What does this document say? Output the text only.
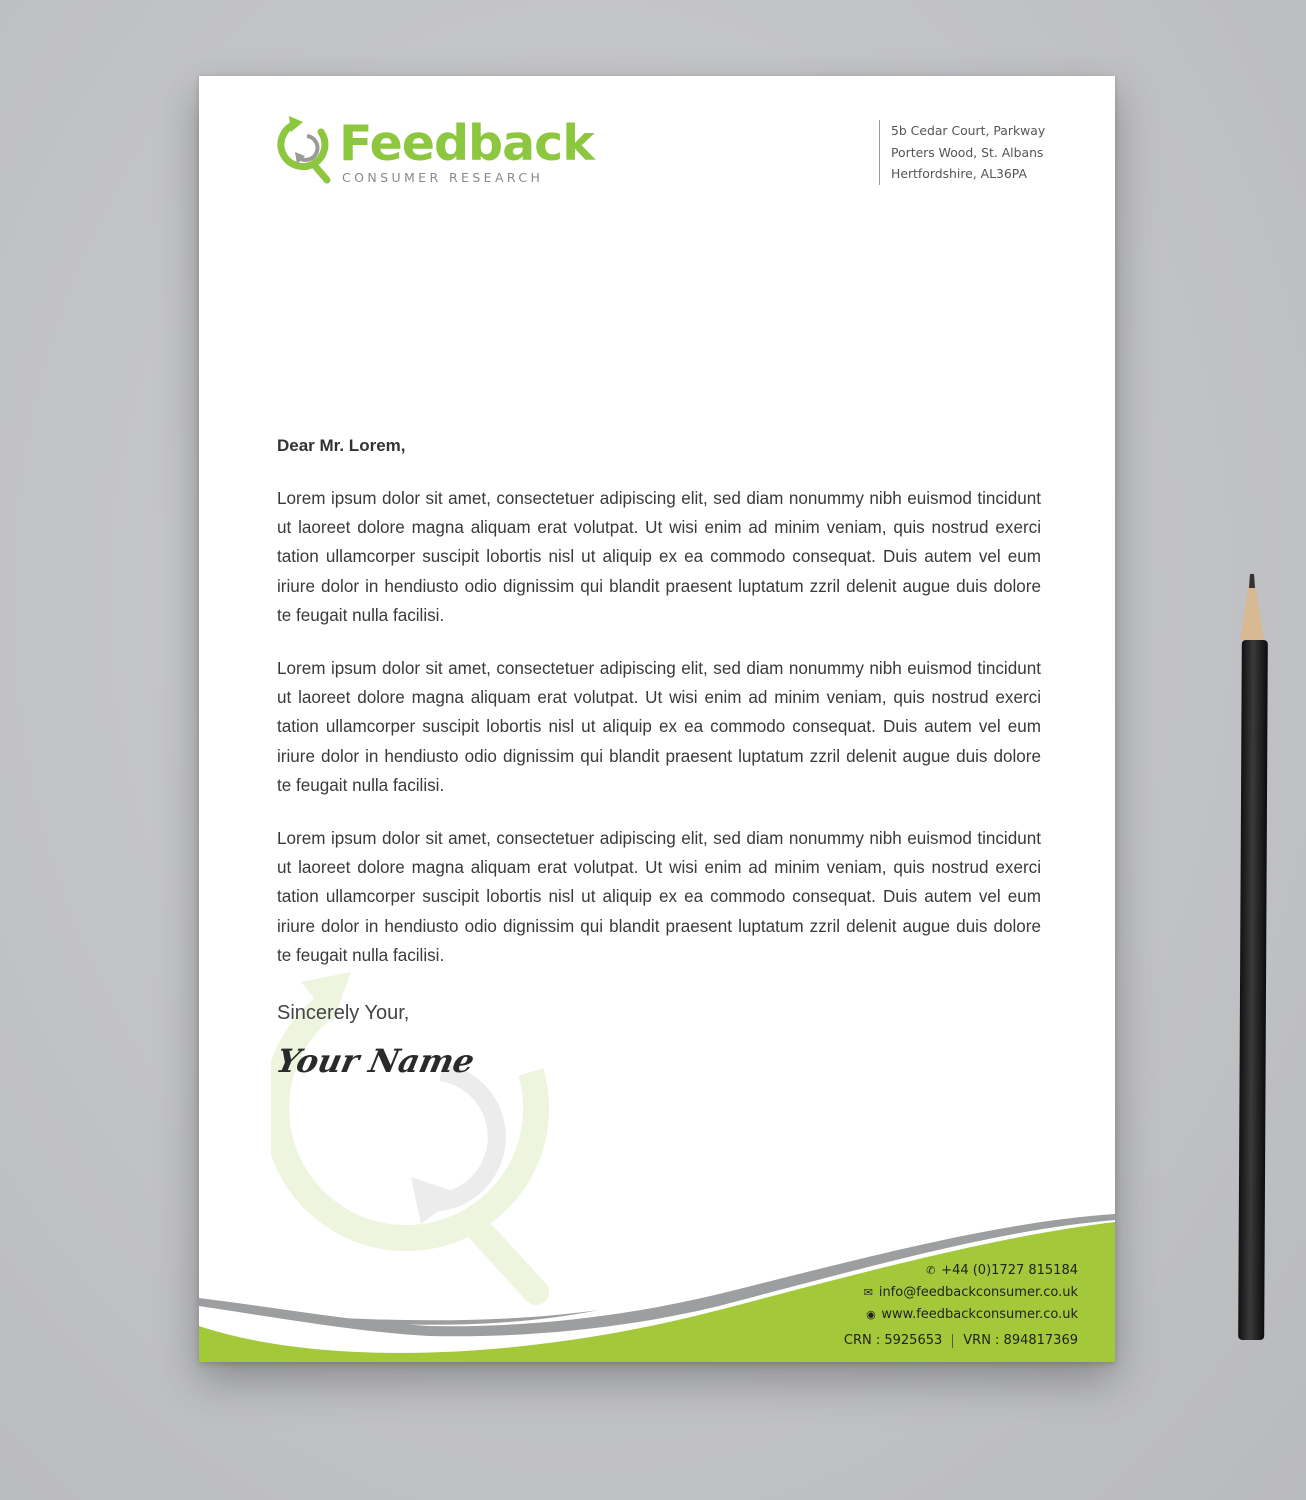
Feedback
CONSUMER RESEARCH
5b Cedar Court, Parkway
Porters Wood, St. Albans
Hertfordshire, AL36PA
Dear Mr. Lorem,

Lorem ipsum dolor sit amet, consectetuer adipiscing elit, sed diam nonummy nibh euismod tincidunt ut laoreet dolore magna aliquam erat volutpat. Ut wisi enim ad minim veniam, quis nostrud exerci tation ullamcorper suscipit lobortis nisl ut aliquip ex ea commodo consequat. Duis autem vel eum iriure dolor in hendiusto odio dignissim qui blandit praesent luptatum zzril delenit augue duis dolore te feugait nulla facilisi.

Lorem ipsum dolor sit amet, consectetuer adipiscing elit, sed diam nonummy nibh euismod tincidunt ut laoreet dolore magna aliquam erat volutpat. Ut wisi enim ad minim veniam, quis nostrud exerci tation ullamcorper suscipit lobortis nisl ut aliquip ex ea commodo consequat. Duis autem vel eum iriure dolor in hendiusto odio dignissim qui blandit praesent luptatum zzril delenit augue duis dolore te feugait nulla facilisi.

Lorem ipsum dolor sit amet, consectetuer adipiscing elit, sed diam nonummy nibh euismod tincidunt ut laoreet dolore magna aliquam erat volutpat. Ut wisi enim ad minim veniam, quis nostrud exerci tation ullamcorper suscipit lobortis nisl ut aliquip ex ea commodo consequat. Duis autem vel eum iriure dolor in hendiusto odio dignissim qui blandit praesent luptatum zzril delenit augue duis dolore te feugait nulla facilisi.

Sincerely Your,
Your Name
✆ +44 (0)1727 815184
✉ info@feedbackconsumer.co.uk
◉ www.feedbackconsumer.co.uk
CRN : 5925653 VRN : 894817369
